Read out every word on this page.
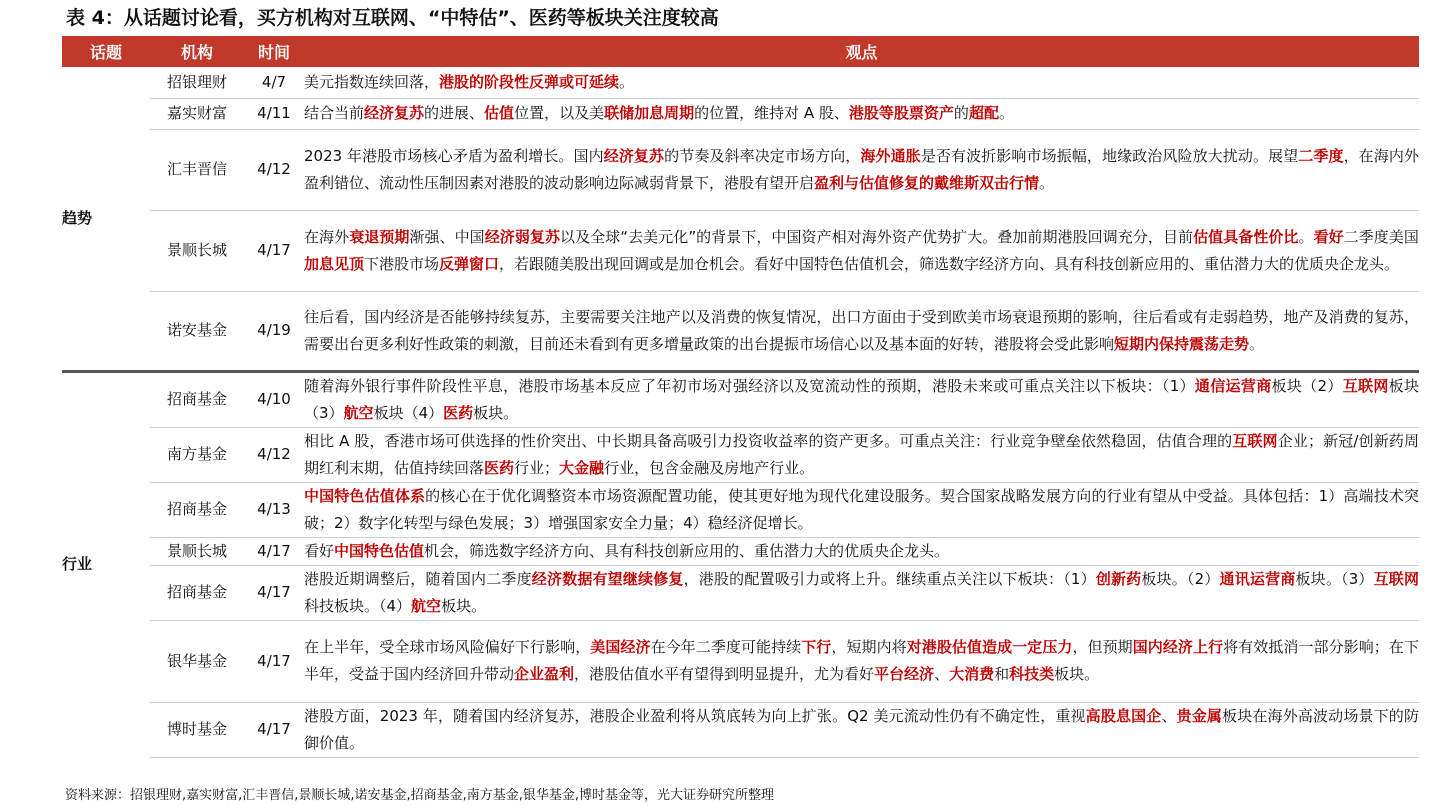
表 4：从话题讨论看，买方机构对互联网、“中特估”、医药等板块关注度较高
话题	机构	时间	观点
趋势	招银理财	4/7	美元指数连续回落，港股的阶段性反弹或可延续。
	嘉实财富	4/11	结合当前经济复苏的进展、估值位置，以及美联储加息周期的位置，维持对 A 股、港股等股票资产的超配。
	汇丰晋信	4/12	2023 年港股市场核心矛盾为盈利增长。国内经济复苏的节奏及斜率决定市场方向，海外通胀是否有波折影响市场振幅，地缘政治风险放大扰动。展望二季度，在海内外盈利错位、流动性压制因素对港股的波动影响边际减弱背景下，港股有望开启盈利与估值修复的戴维斯双击行情。
	景顺长城	4/17	在海外衰退预期渐强、中国经济弱复苏以及全球“去美元化”的背景下，中国资产相对海外资产优势扩大。叠加前期港股回调充分，目前估值具备性价比。看好二季度美国加息见顶下港股市场反弹窗口，若跟随美股出现回调或是加仓机会。看好中国特色估值机会，筛选数字经济方向、具有科技创新应用的、重估潜力大的优质央企龙头。
	诺安基金	4/19	往后看，国内经济是否能够持续复苏，主要需要关注地产以及消费的恢复情况，出口方面由于受到欧美市场衰退预期的影响，往后看或有走弱趋势，地产及消费的复苏，需要出台更多利好性政策的刺激，目前还未看到有更多增量政策的出台提振市场信心以及基本面的好转，港股将会受此影响短期内保持震荡走势。
行业	招商基金	4/10	随着海外银行事件阶段性平息，港股市场基本反应了年初市场对强经济以及宽流动性的预期，港股未来或可重点关注以下板块：（1）通信运营商板块（2）互联网板块（3）航空板块（4）医药板块。
	南方基金	4/12	相比 A 股，香港市场可供选择的性价突出、中长期具备高吸引力投资收益率的资产更多。可重点关注：行业竞争壁垒依然稳固，估值合理的互联网企业；新冠/创新药周期红利末期，估值持续回落医药行业；大金融行业，包含金融及房地产行业。
	招商基金	4/13	中国特色估值体系的核心在于优化调整资本市场资源配置功能，使其更好地为现代化建设服务。契合国家战略发展方向的行业有望从中受益。具体包括：1）高端技术突破；2）数字化转型与绿色发展；3）增强国家安全力量；4）稳经济促增长。
	景顺长城	4/17	看好中国特色估值机会，筛选数字经济方向、具有科技创新应用的、重估潜力大的优质央企龙头。
	招商基金	4/17	港股近期调整后，随着国内二季度经济数据有望继续修复，港股的配置吸引力或将上升。继续重点关注以下板块：（1）创新药板块。（2）通讯运营商板块。（3）互联网科技板块。（4）航空板块。
	银华基金	4/17	在上半年，受全球市场风险偏好下行影响，美国经济在今年二季度可能持续下行，短期内将对港股估值造成一定压力，但预期国内经济上行将有效抵消一部分影响；在下半年，受益于国内经济回升带动企业盈利，港股估值水平有望得到明显提升，尤为看好平台经济、大消费和科技类板块。
	博时基金	4/17	港股方面，2023 年，随着国内经济复苏，港股企业盈利将从筑底转为向上扩张。Q2 美元流动性仍有不确定性，重视高股息国企、贵金属板块在海外高波动场景下的防御价值。
资料来源：招银理财,嘉实财富,汇丰晋信,景顺长城,诺安基金,招商基金,南方基金,银华基金,博时基金等，光大证券研究所整理
